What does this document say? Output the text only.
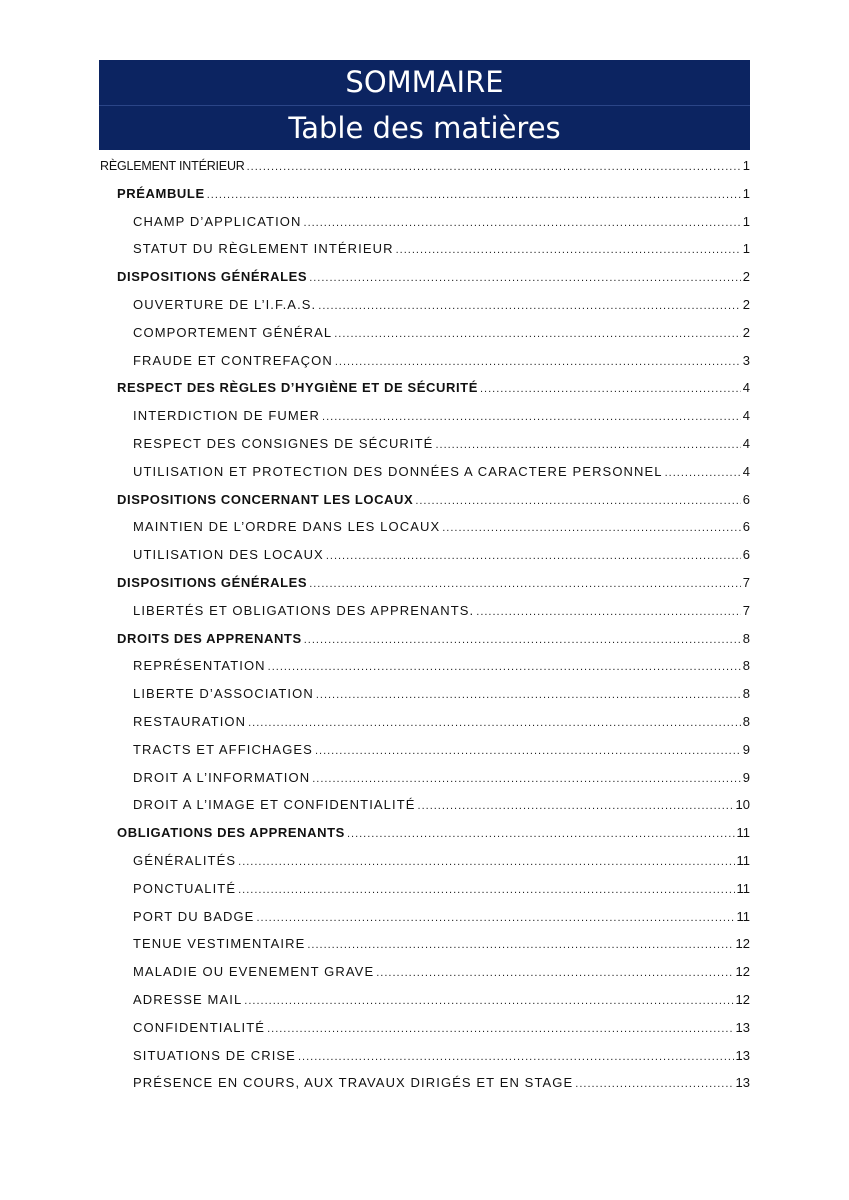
SOMMAIRE
Table des matières
RÈGLEMENT INTÉRIEUR .....	1
PRÉAMBULE .....	1
CHAMP D’APPLICATION .....	1
STATUT DU RÈGLEMENT INTÉRIEUR .....	1
DISPOSITIONS GÉNÉRALES .....	2
OUVERTURE DE L’I.F.A.S. .....	2
COMPORTEMENT GÉNÉRAL .....	2
FRAUDE ET CONTREFAÇON .....	3
RESPECT DES RÈGLES D’HYGIÈNE ET DE SÉCURITÉ .....	4
INTERDICTION DE FUMER .....	4
RESPECT DES CONSIGNES DE SÉCURITÉ .....	4
UTILISATION ET PROTECTION DES DONNÉES A CARACTERE PERSONNEL .....	4
DISPOSITIONS CONCERNANT LES LOCAUX .....	6
MAINTIEN DE L’ORDRE DANS LES LOCAUX .....	6
UTILISATION DES LOCAUX .....	6
DISPOSITIONS GÉNÉRALES .....	7
LIBERTÉS ET OBLIGATIONS DES APPRENANTS. .....	7
DROITS DES APPRENANTS .....	8
REPRÉSENTATION .....	8
LIBERTE D’ASSOCIATION .....	8
RESTAURATION .....	8
TRACTS ET AFFICHAGES .....	9
DROIT A L’INFORMATION .....	9
DROIT A L’IMAGE ET CONFIDENTIALITÉ .....	10
OBLIGATIONS DES APPRENANTS .....	11
GÉNÉRALITÉS .....	11
PONCTUALITÉ .....	11
PORT DU BADGE .....	11
TENUE VESTIMENTAIRE .....	12
MALADIE OU EVENEMENT GRAVE .....	12
ADRESSE MAIL .....	12
CONFIDENTIALITÉ .....	13
SITUATIONS DE CRISE .....	13
PRÉSENCE EN COURS, AUX TRAVAUX DIRIGÉS ET EN STAGE .....	13
